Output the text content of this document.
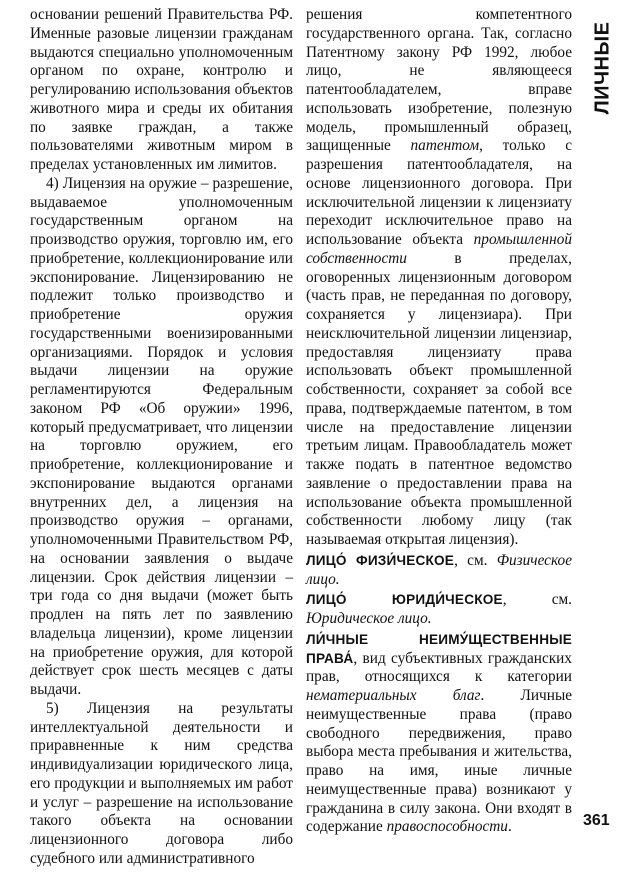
ЛИЧНЫЕ

основании решений Правительства РФ. Именные разовые лицензии гражданам выдаются специально уполномоченным органом по охране, контролю и регулированию использования объектов животного мира и среды их обитания по заявке граждан, а также пользователями животным миром в пределах установленных им лимитов.

4) Лицензия на оружие – разрешение, выдаваемое уполномоченным государственным органом на производство оружия, торговлю им, его приобретение, коллекционирование или экспонирование. Лицензированию не подлежит только производство и приобретение оружия государственными военизированными организациями. Порядок и условия выдачи лицензии на оружие регламентируются Федеральным законом РФ «Об оружии» 1996, который предусматривает, что лицензии на торговлю оружием, его приобретение, коллекционирование и экспонирование выдаются органами внутренних дел, а лицензия на производство оружия – органами, уполномоченными Правительством РФ, на основании заявления о выдаче лицензии. Срок действия лицензии – три года со дня выдачи (может быть продлен на пять лет по заявлению владельца лицензии), кроме лицензии на приобретение оружия, для которой действует срок шесть месяцев с даты выдачи.

5) Лицензия на результаты интеллектуальной деятельности и приравненные к ним средства индивидуализации юридического лица, его продукции и выполняемых им работ и услуг – разрешение на использование такого объекта на основании лицензионного договора либо судебного или административного

решения компетентного государственного органа. Так, согласно Патентному закону РФ 1992, любое лицо, не являющееся патентообладателем, вправе использовать изобретение, полезную модель, промышленный образец, защищенные патентом, только с разрешения патентообладателя, на основе лицензионного договора. При исключительной лицензии к лицензиату переходит исключительное право на использование объекта промышленной собственности в пределах, оговоренных лицензионным договором (часть прав, не переданная по договору, сохраняется у лицензиара). При неисключительной лицензии лицензиар, предоставляя лицензиату права использовать объект промышленной собственности, сохраняет за собой все права, подтверждаемые патентом, в том числе на предоставление лицензии третьим лицам. Правообладатель может также подать в патентное ведомство заявление о предоставлении права на использование объекта промышленной собственности любому лицу (так называемая открытая лицензия).

ЛИЦО́ ФИЗИ́ЧЕСКОЕ, см. Физическое лицо.

ЛИЦО́ ЮРИДИ́ЧЕСКОЕ, см. Юридическое лицо.

ЛИ́ЧНЫЕ НЕИМУ́ЩЕСТВЕННЫЕ ПРАВА́, вид субъективных гражданских прав, относящихся к категории нематериальных благ. Личные неимущественные права (право свободного передвижения, право выбора места пребывания и жительства, право на имя, иные личные неимущественные права) возникают у гражданина в силу закона. Они входят в содержание правоспособности.	361
